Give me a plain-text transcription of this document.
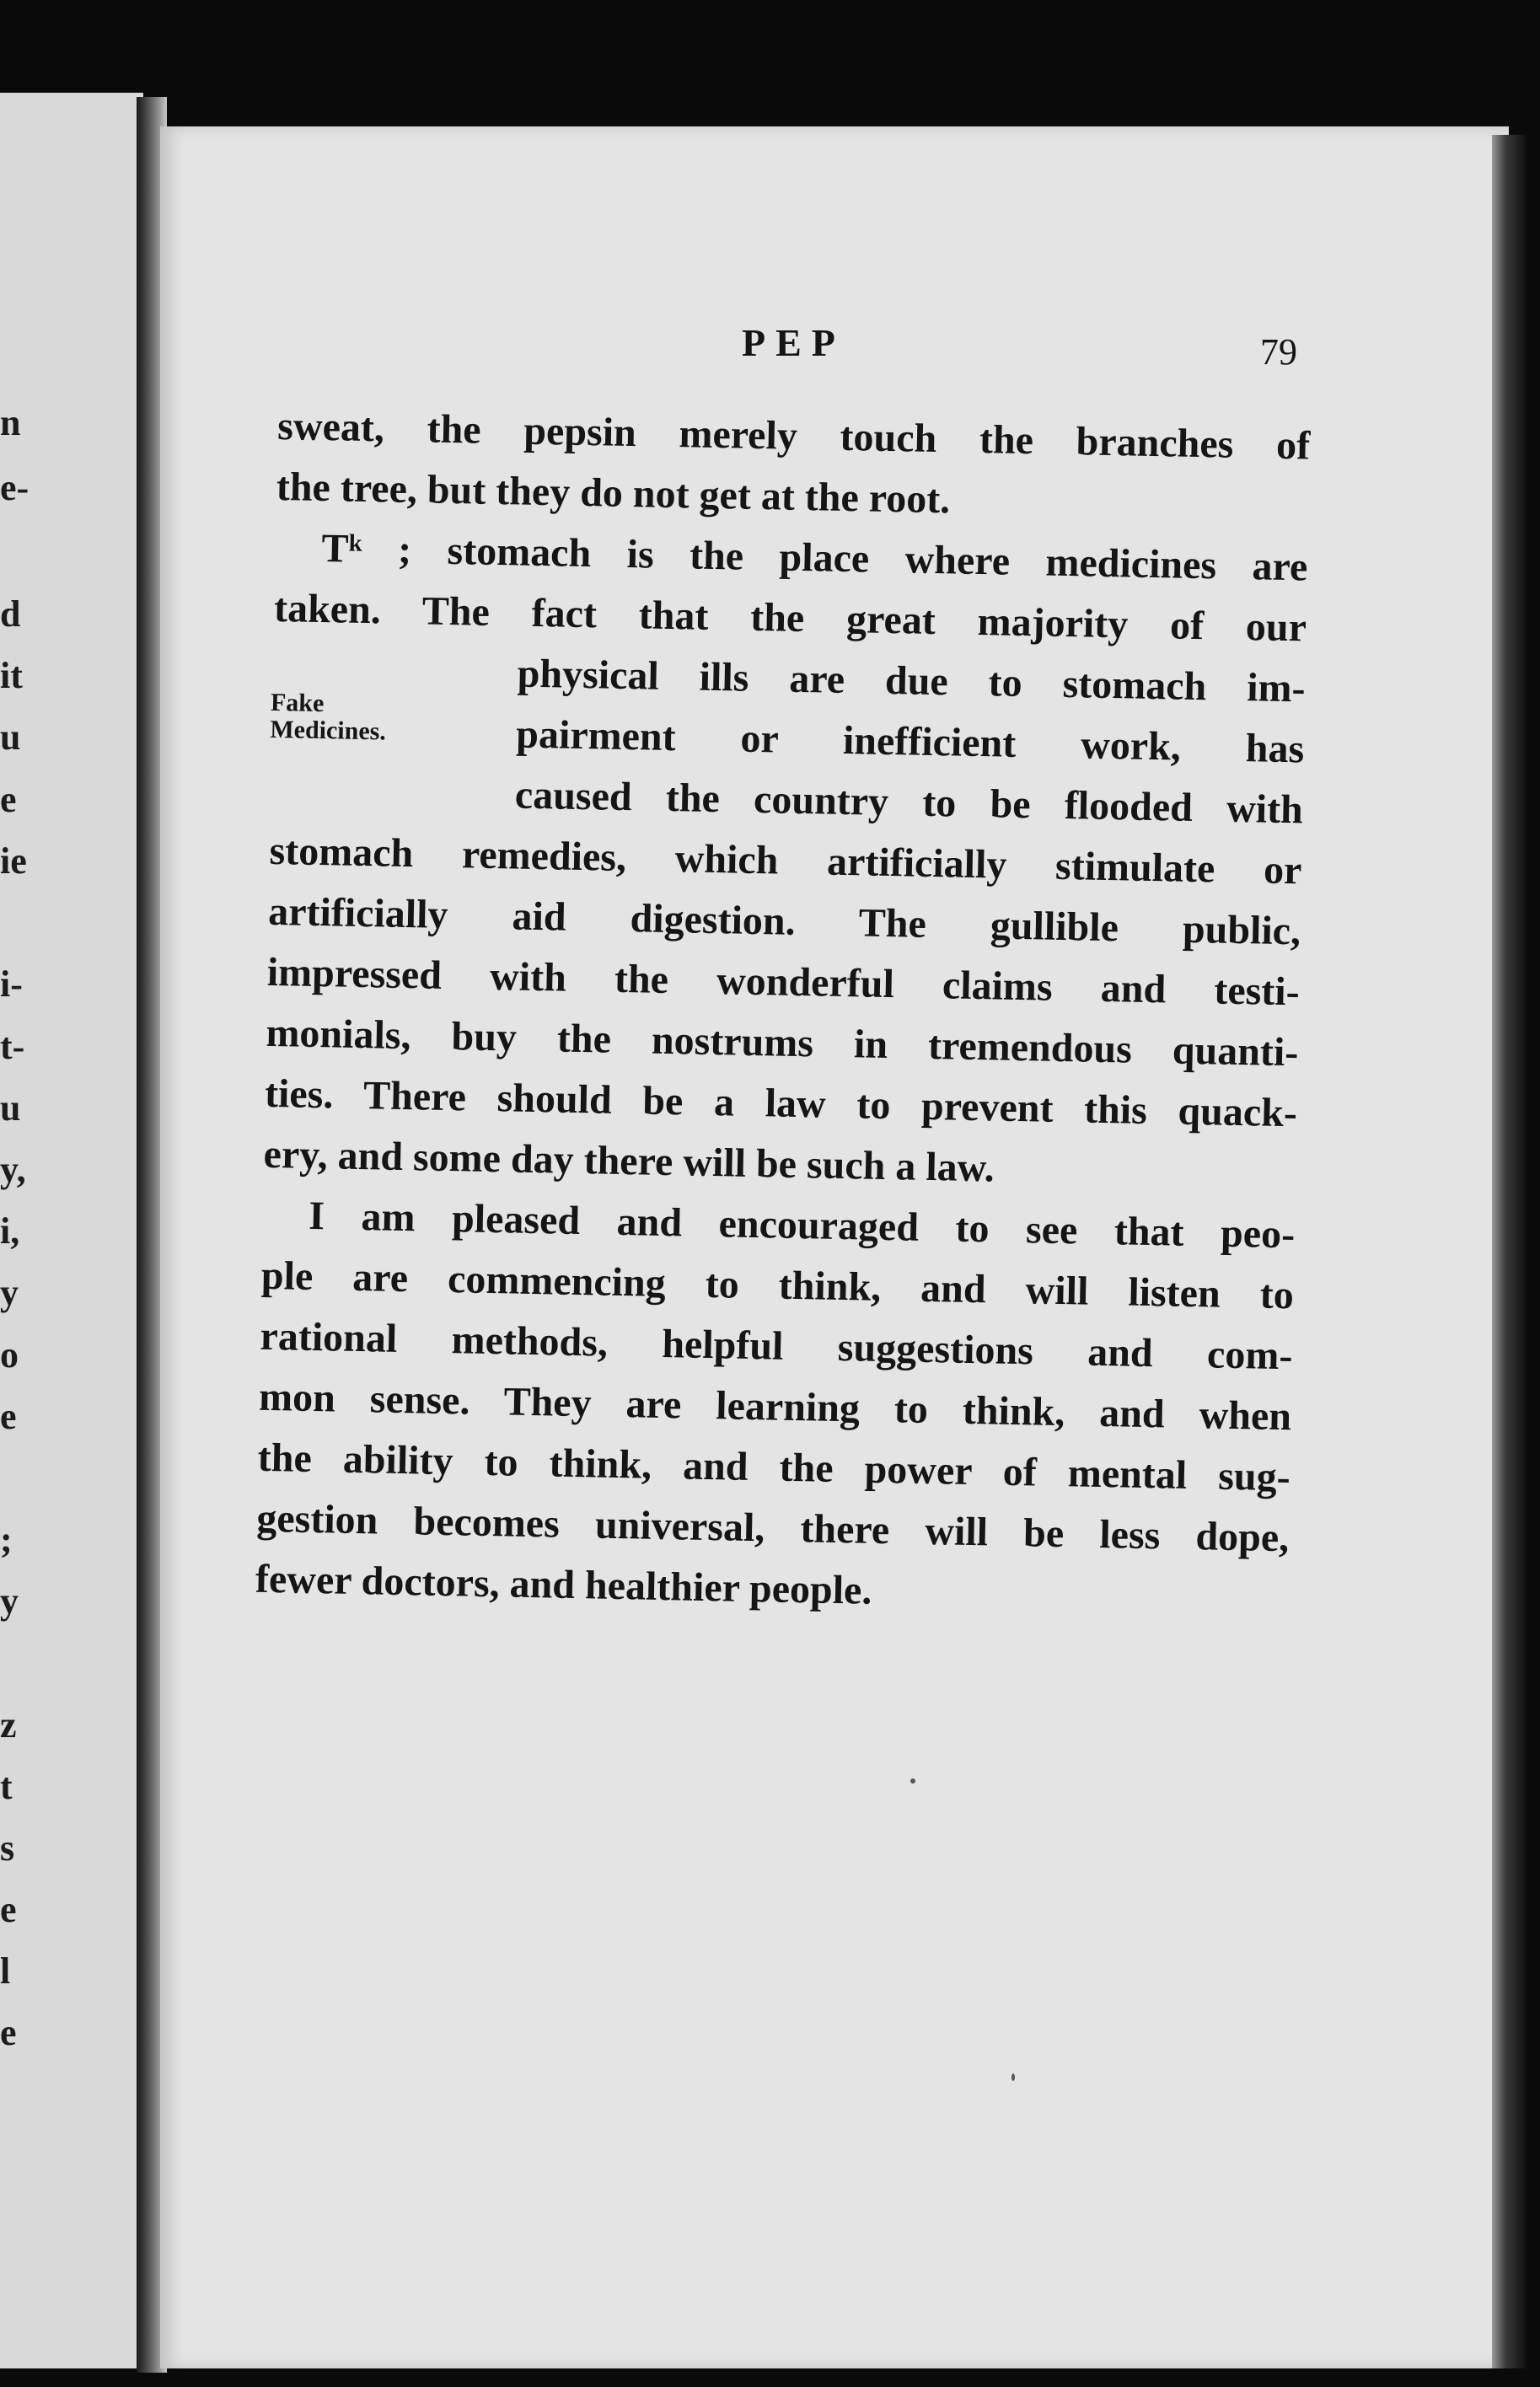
n
e-
d
it
u
e
ie
i-
t-
u
y,
i,
y
o
e
;
y
z
t
s
e
l
e
PEP	79

sweat, the pepsin merely touch the branches of

the tree, but they do not get at the root.

Tᵏ ; stomach is the place where medicines are

taken. The fact that the great majority of our

physical ills are due to stomach im-

pairment or inefficient work, has

caused the country to be flooded with

Fake
Medicines.

stomach remedies, which artificially stimulate or

artificially aid digestion. The gullible public,

impressed with the wonderful claims and testi-

monials, buy the nostrums in tremendous quanti-

ties. There should be a law to prevent this quack-

ery, and some day there will be such a law.

I am pleased and encouraged to see that peo-

ple are commencing to think, and will listen to

rational methods, helpful suggestions and com-

mon sense. They are learning to think, and when

the ability to think, and the power of mental sug-

gestion becomes universal, there will be less dope,

fewer doctors, and healthier people.
